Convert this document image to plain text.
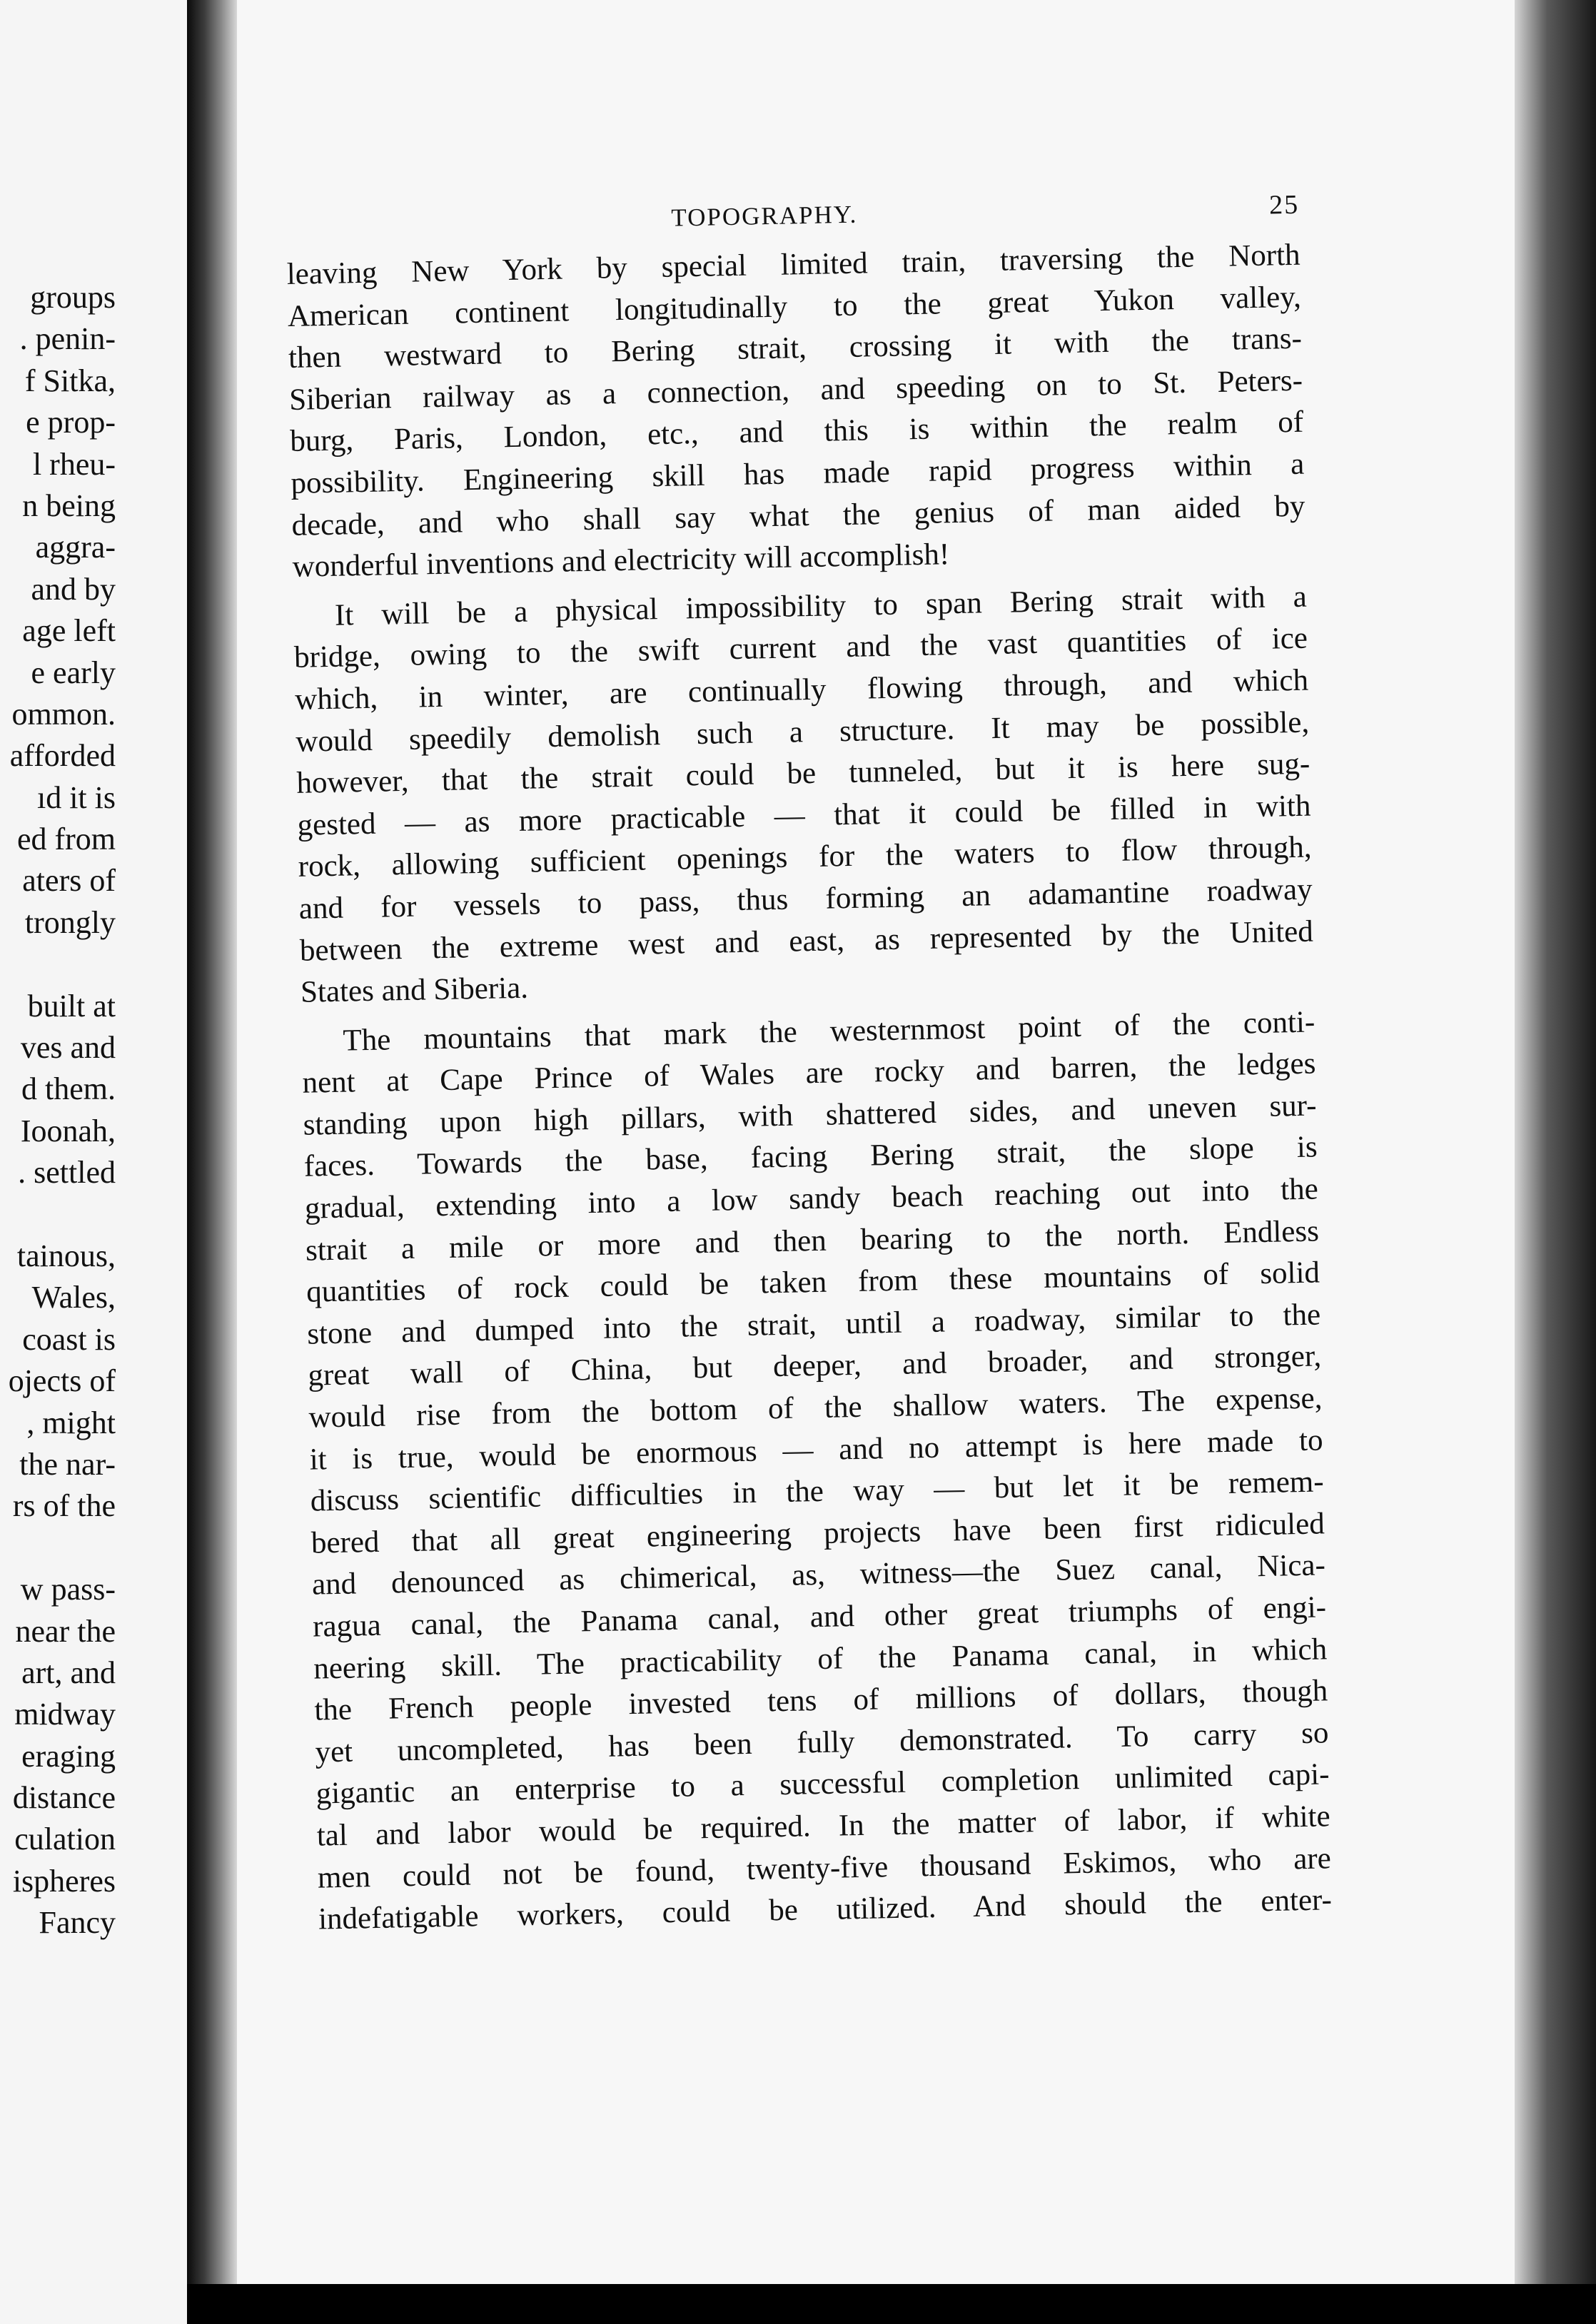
groups
. penin-
f Sitka,
e prop-
l rheu-
n being
aggra-
and by
age left
e early
ommon.
afforded
ıd it is
ed from
aters of
trongly
built at
ves and
d them.
Ioonah,
. settled
tainous,
Wales,
coast is
ojects of
, might
the nar-
rs of the
w pass-
near the
art, and
midway
eraging
distance
culation
ispheres
Fancy
TOPOGRAPHY.	25
leaving New York by special limited train, traversing the North
American continent longitudinally to the great Yukon valley,
then westward to Bering strait, crossing it with the trans-
Siberian railway as a connection, and speeding on to St. Peters-
burg, Paris, London, etc., and this is within the realm of
possibility. Engineering skill has made rapid progress within a
decade, and who shall say what the genius of man aided by
wonderful inventions and electricity will accomplish!
It will be a physical impossibility to span Bering strait with a
bridge, owing to the swift current and the vast quantities of ice
which, in winter, are continually flowing through, and which
would speedily demolish such a structure. It may be possible,
however, that the strait could be tunneled, but it is here sug-
gested — as more practicable — that it could be filled in with
rock, allowing sufficient openings for the waters to flow through,
and for vessels to pass, thus forming an adamantine roadway
between the extreme west and east, as represented by the United
States and Siberia.
The mountains that mark the westernmost point of the conti-
nent at Cape Prince of Wales are rocky and barren, the ledges
standing upon high pillars, with shattered sides, and uneven sur-
faces. Towards the base, facing Bering strait, the slope is
gradual, extending into a low sandy beach reaching out into the
strait a mile or more and then bearing to the north. Endless
quantities of rock could be taken from these mountains of solid
stone and dumped into the strait, until a roadway, similar to the
great wall of China, but deeper, and broader, and stronger,
would rise from the bottom of the shallow waters. The expense,
it is true, would be enormous — and no attempt is here made to
discuss scientific difficulties in the way — but let it be remem-
bered that all great engineering projects have been first ridiculed
and denounced as chimerical, as, witness—the Suez canal, Nica-
ragua canal, the Panama canal, and other great triumphs of engi-
neering skill. The practicability of the Panama canal, in which
the French people invested tens of millions of dollars, though
yet uncompleted, has been fully demonstrated. To carry so
gigantic an enterprise to a successful completion unlimited capi-
tal and labor would be required. In the matter of labor, if white
men could not be found, twenty-five thousand Eskimos, who are
indefatigable workers, could be utilized. And should the enter-
